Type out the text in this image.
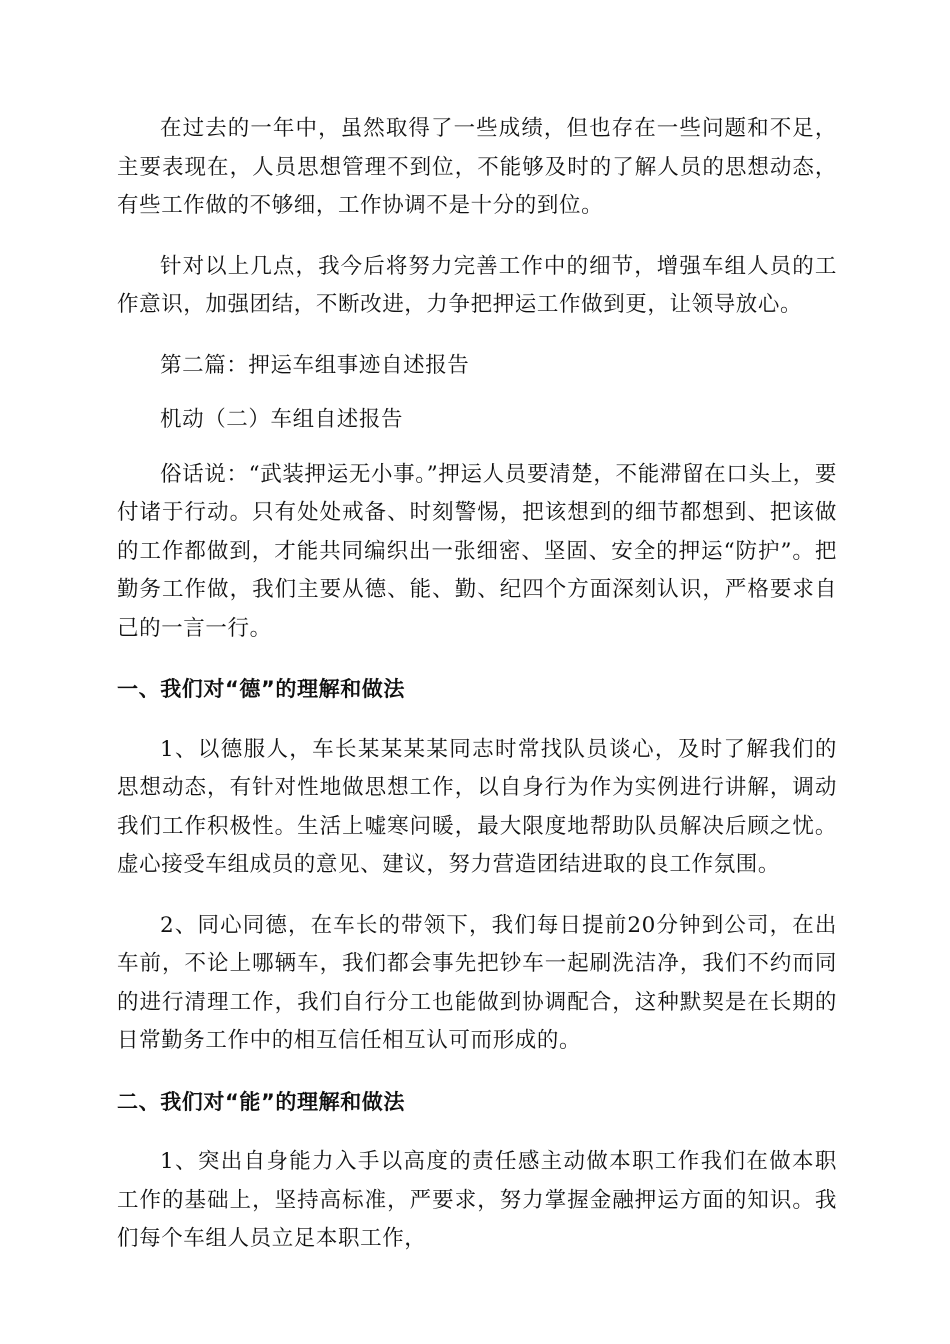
在过去的一年中，虽然取得了一些成绩，但也存在一些问题和不足，主要表现在，人员思想管理不到位，不能够及时的了解人员的思想动态，有些工作做的不够细，工作协调不是十分的到位。

针对以上几点，我今后将努力完善工作中的细节，增强车组人员的工作意识，加强团结，不断改进，力争把押运工作做到更，让领导放心。

第二篇：押运车组事迹自述报告

机动（二）车组自述报告

俗话说：“武装押运无小事。”押运人员要清楚，不能滞留在口头上，要付诸于行动。只有处处戒备、时刻警惕，把该想到的细节都想到、把该做的工作都做到，才能共同编织出一张细密、坚固、安全的押运“防护”。把勤务工作做，我们主要从德、能、勤、纪四个方面深刻认识，严格要求自己的一言一行。

一、我们对“德”的理解和做法

1、以德服人，车长某某某某同志时常找队员谈心，及时了解我们的思想动态，有针对性地做思想工作，以自身行为作为实例进行讲解，调动我们工作积极性。生活上嘘寒问暖，最大限度地帮助队员解决后顾之忧。虚心接受车组成员的意见、建议，努力营造团结进取的良工作氛围。

2、同心同德，在车长的带领下，我们每日提前20分钟到公司，在出车前，不论上哪辆车，我们都会事先把钞车一起刷洗洁净，我们不约而同的进行清理工作，我们自行分工也能做到协调配合，这种默契是在长期的日常勤务工作中的相互信任相互认可而形成的。

二、我们对“能”的理解和做法

1、突出自身能力入手以高度的责任感主动做本职工作我们在做本职工作的基础上，坚持高标准，严要求，努力掌握金融押运方面的知识。我们每个车组人员立足本职工作，
